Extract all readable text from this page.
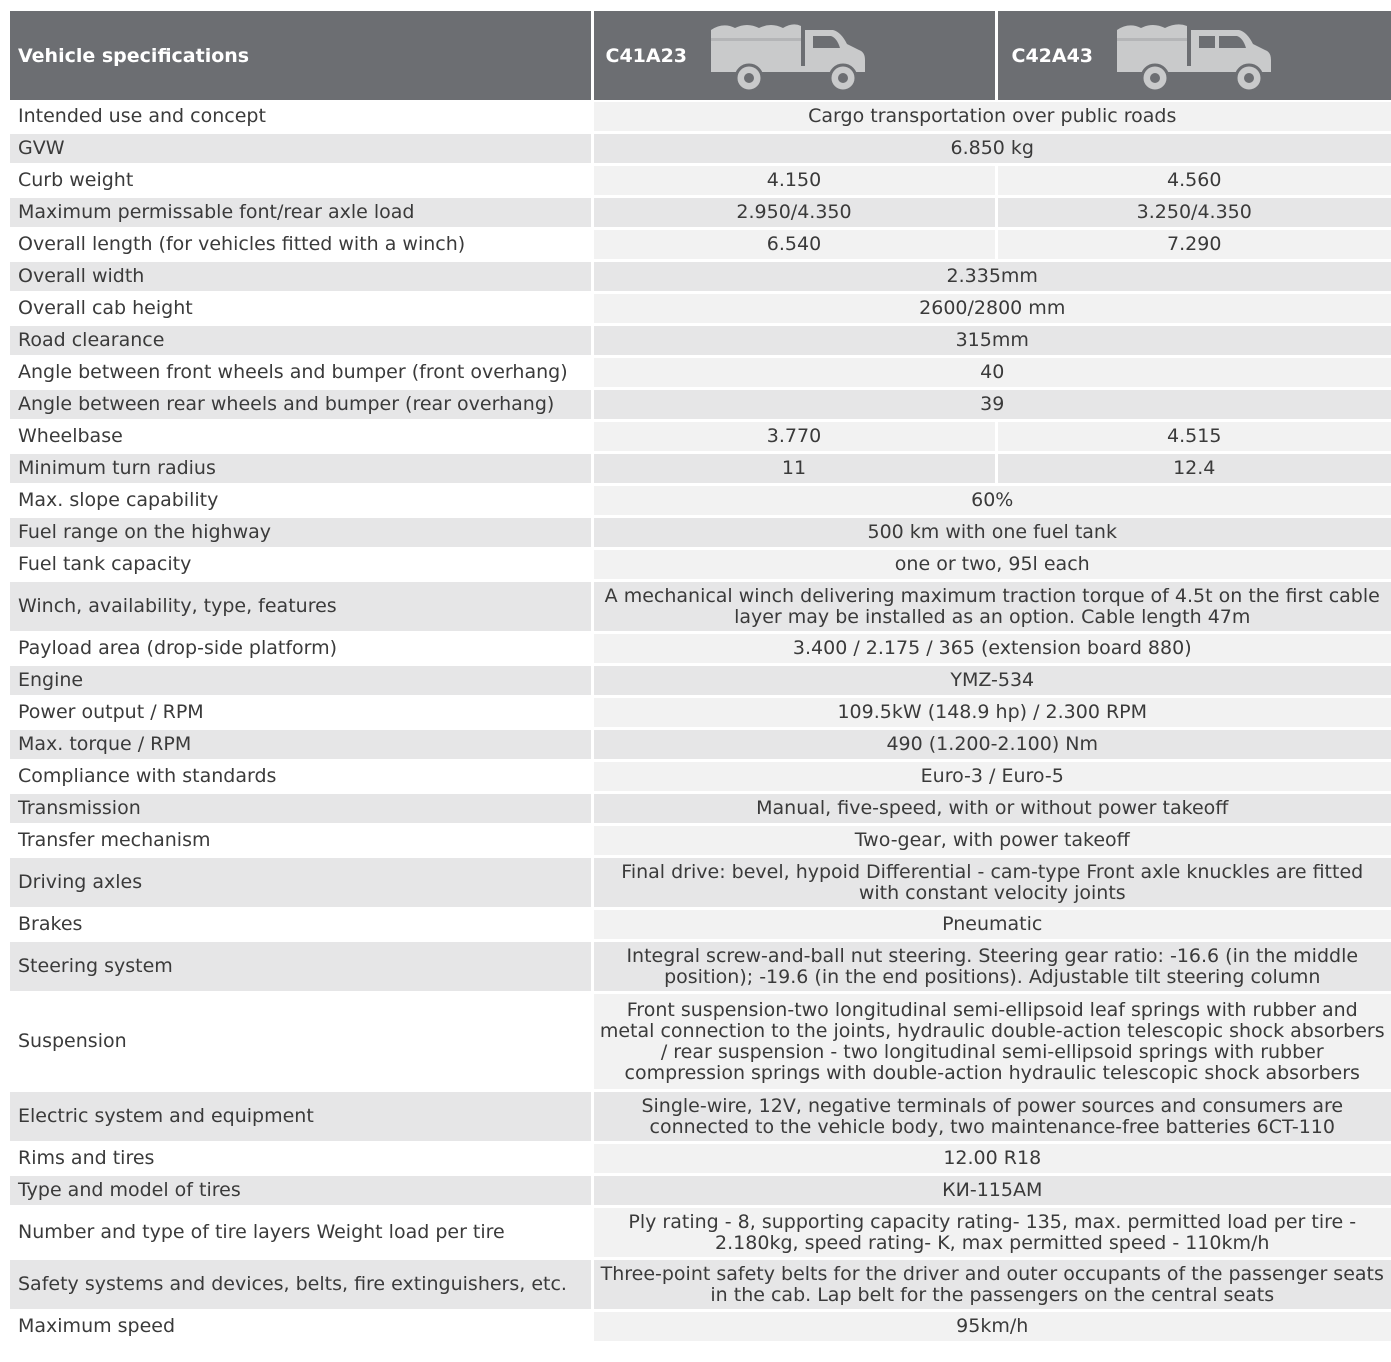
Vehicle specifications	C41A23	C42A43

Intended use and concept	Cargo transportation over public roads	
GVW	6.850 kg	
Curb weight	4.150	4.560
Maximum permissable font/rear axle load	2.950/4.350	3.250/4.350
Overall length (for vehicles fitted with a winch)	6.540	7.290
Overall width	2.335mm	
Overall cab height	2600/2800 mm	
Road clearance	315mm	
Angle between front wheels and bumper (front overhang)	40	
Angle between rear wheels and bumper (rear overhang)	39	
Wheelbase	3.770	4.515
Minimum turn radius	11	12.4
Max. slope capability	60%	
Fuel range on the highway	500 km with one fuel tank	
Fuel tank capacity	one or two, 95l each	
Winch, availability, type, features	A mechanical winch delivering maximum traction torque of 4.5t on the first cable layer may be installed as an option. Cable length 47m	
Payload area (drop-side platform)	3.400 / 2.175 / 365 (extension board 880)	
Engine	YMZ-534	
Power output / RPM	109.5kW (148.9 hp) / 2.300 RPM	
Max. torque / RPM	490 (1.200-2.100) Nm	
Compliance with standards	Euro-3 / Euro-5	
Transmission	Manual, five-speed, with or without power takeoff	
Transfer mechanism	Two-gear, with power takeoff	
Driving axles	Final drive: bevel, hypoid Differential - cam-type Front axle knuckles are fitted with constant velocity joints	
Brakes	Pneumatic	
Steering system	Integral screw-and-ball nut steering. Steering gear ratio: -16.6 (in the middle position); -19.6 (in the end positions). Adjustable tilt steering column	
Suspension	Front suspension-two longitudinal semi-ellipsoid leaf springs with rubber and metal connection to the joints, hydraulic double-action telescopic shock absorbers / rear suspension - two longitudinal semi-ellipsoid springs with rubber compression springs with double-action hydraulic telescopic shock absorbers	
Electric system and equipment	Single-wire, 12V, negative terminals of power sources and consumers are connected to the vehicle body, two maintenance-free batteries 6CT-110	
Rims and tires	12.00 R18	
Type and model of tires	КИ-115АМ	
Number and type of tire layers Weight load per tire	Ply rating - 8, supporting capacity rating- 135, max. permitted load per tire - 2.180kg, speed rating- K, max permitted speed - 110km/h	
Safety systems and devices, belts, fire extinguishers, etc.	Three-point safety belts for the driver and outer occupants of the passenger seats in the cab. Lap belt for the passengers on the central seats	
Maximum speed	95km/h	
